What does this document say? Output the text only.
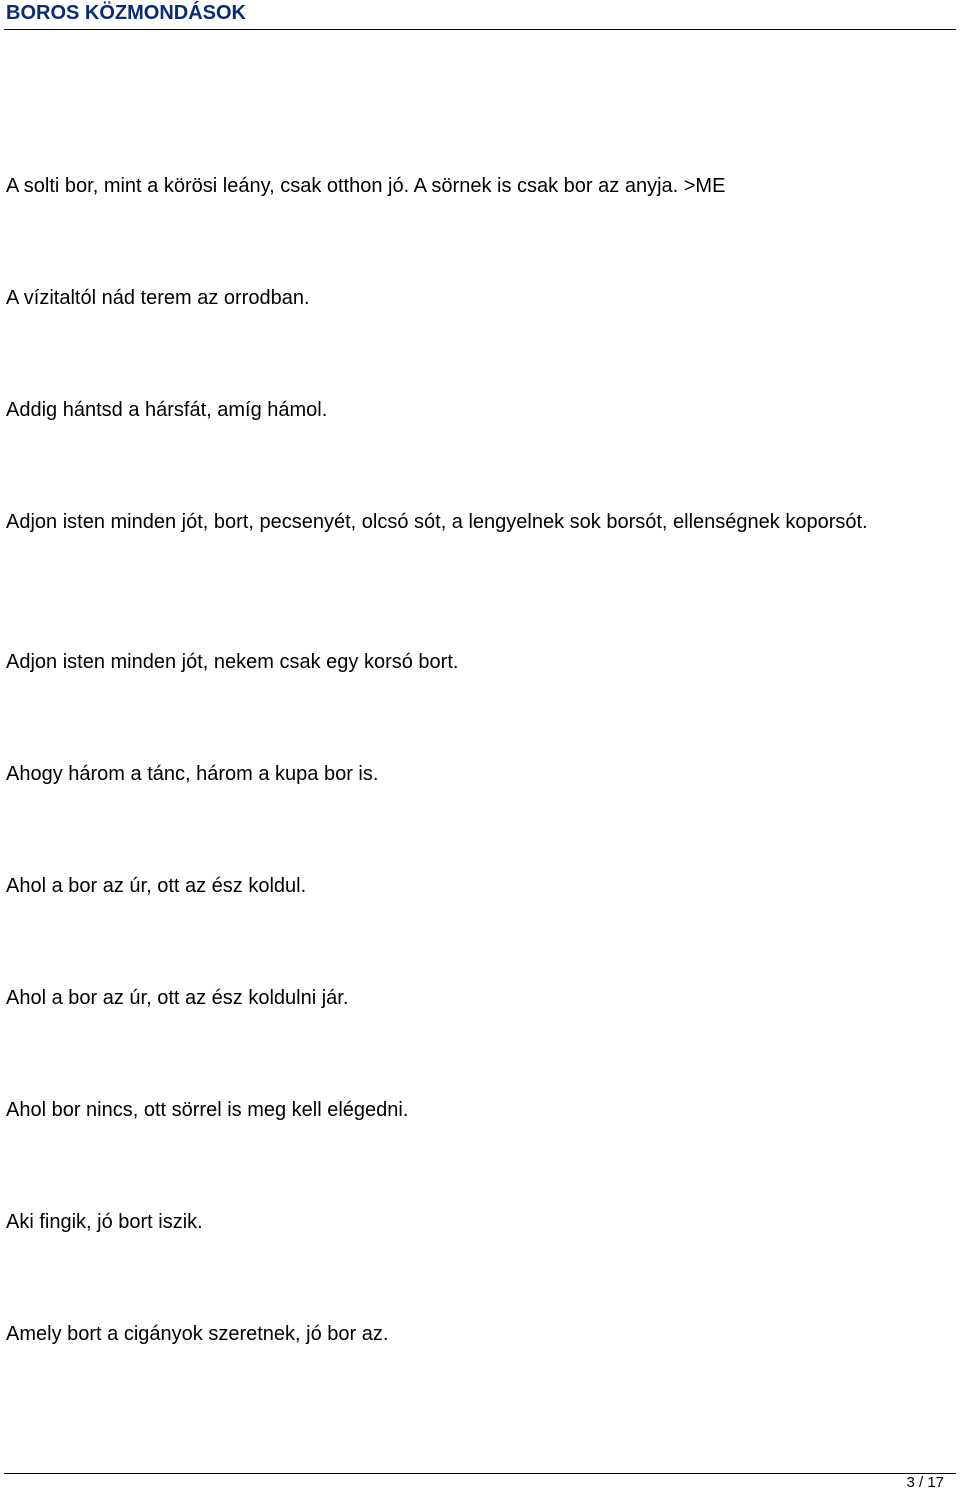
BOROS KÖZMONDÁSOK

A solti bor, mint a körösi leány, csak otthon jó. A sörnek is csak bor az anyja. >ME

A vízitaltól nád terem az orrodban.

Addig hántsd a hársfát, amíg hámol.

Adjon isten minden jót, bort, pecsenyét, olcsó sót, a lengyelnek sok borsót, ellenségnek koporsót.

Adjon isten minden jót, nekem csak egy korsó bort.

Ahogy három a tánc, három a kupa bor is.

Ahol a bor az úr, ott az ész koldul.

Ahol a bor az úr, ott az ész koldulni jár.

Ahol bor nincs, ott sörrel is meg kell elégedni.

Aki fingik, jó bort iszik.

Amely bort a cigányok szeretnek, jó bor az.

3 / 17
